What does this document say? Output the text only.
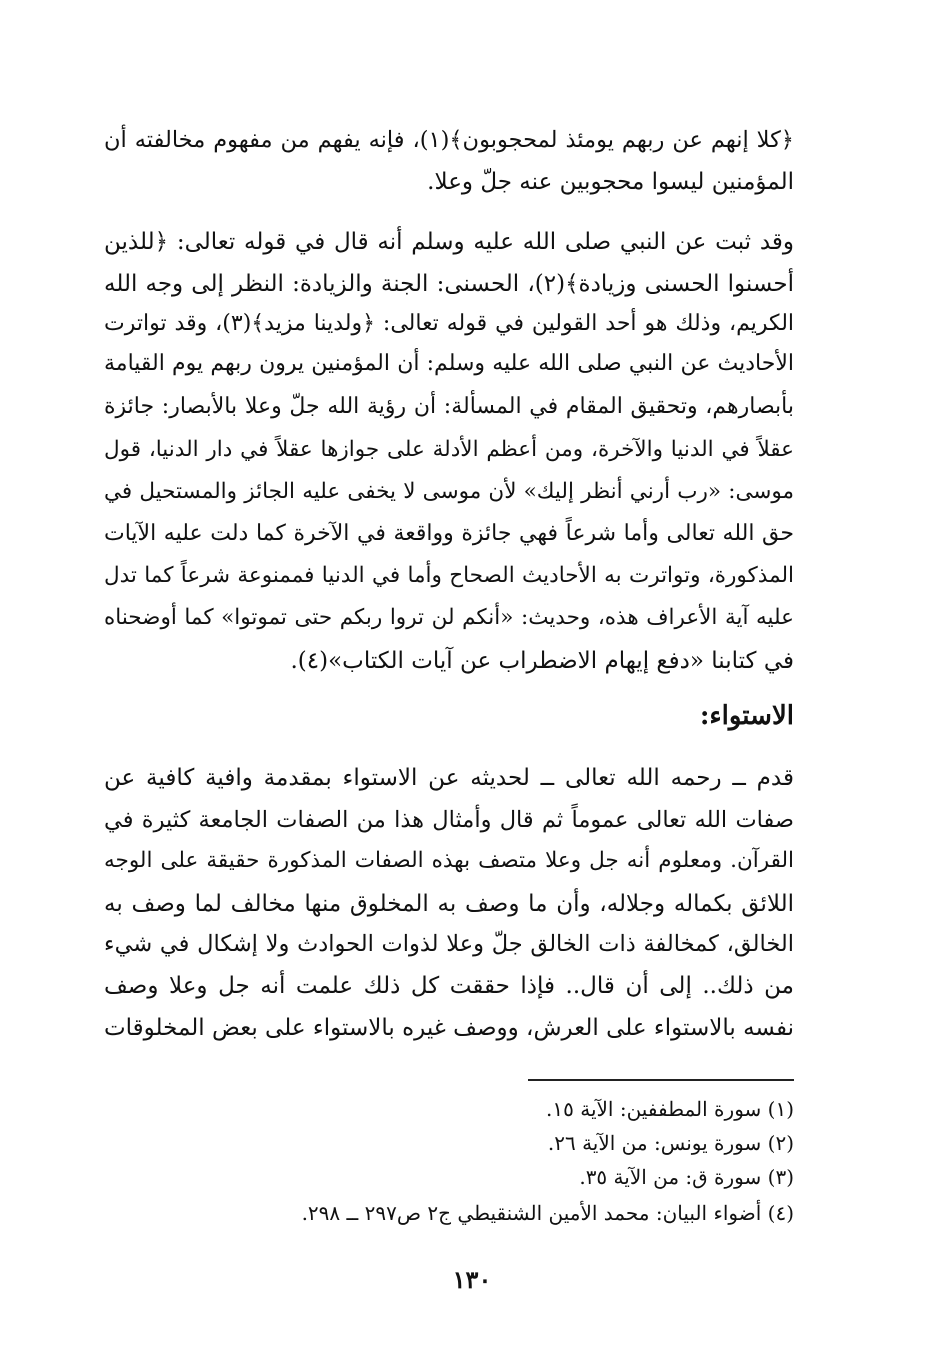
﴿كلا إنهم عن ربهم يومئذ لمحجوبون﴾(١)، فإنه يفهم من مفهوم مخالفته أن
المؤمنين ليسوا محجوبين عنه جلّ وعلا.
وقد ثبت عن النبي صلى الله عليه وسلم أنه قال في قوله تعالى: ﴿للذين
أحسنوا الحسنى وزيادة﴾(٢)، الحسنى: الجنة والزيادة: النظر إلى وجه الله
الكريم، وذلك هو أحد القولين في قوله تعالى: ﴿ولدينا مزيد﴾(٣)، وقد تواترت
الأحاديث عن النبي صلى الله عليه وسلم: أن المؤمنين يرون ربهم يوم القيامة
بأبصارهم، وتحقيق المقام في المسألة: أن رؤية الله جلّ وعلا بالأبصار: جائزة
عقلاً في الدنيا والآخرة، ومن أعظم الأدلة على جوازها عقلاً في دار الدنيا، قول
موسى: «رب أرني أنظر إليك» لأن موسى لا يخفى عليه الجائز والمستحيل في
حق الله تعالى وأما شرعاً فهي جائزة وواقعة في الآخرة كما دلت عليه الآيات
المذكورة، وتواترت به الأحاديث الصحاح وأما في الدنيا فممنوعة شرعاً كما تدل
عليه آية الأعراف هذه، وحديث: «أنكم لن تروا ربكم حتى تموتوا» كما أوضحناه
في كتابنا «دفع إيهام الاضطراب عن آيات الكتاب»(٤).
الاستواء:
قدم ــ رحمه الله تعالى ــ لحديثه عن الاستواء بمقدمة وافية كافية عن
صفات الله تعالى عموماً ثم قال وأمثال هذا من الصفات الجامعة كثيرة في
القرآن. ومعلوم أنه جل وعلا متصف بهذه الصفات المذكورة حقيقة على الوجه
اللائق بكماله وجلاله، وأن ما وصف به المخلوق منها مخالف لما وصف به
الخالق، كمخالفة ذات الخالق جلّ وعلا لذوات الحوادث ولا إشكال في شيء
من ذلك.. إلى أن قال.. فإذا حققت كل ذلك علمت أنه جل وعلا وصف
نفسه بالاستواء على العرش، ووصف غيره بالاستواء على بعض المخلوقات
(١) سورة المطففين: الآية ١٥.
(٢) سورة يونس: من الآية ٢٦.
(٣) سورة ق: من الآية ٣٥.
(٤) أضواء البيان: محمد الأمين الشنقيطي ج٢ ص٢٩٧ ــ ٢٩٨.
١٣٠
